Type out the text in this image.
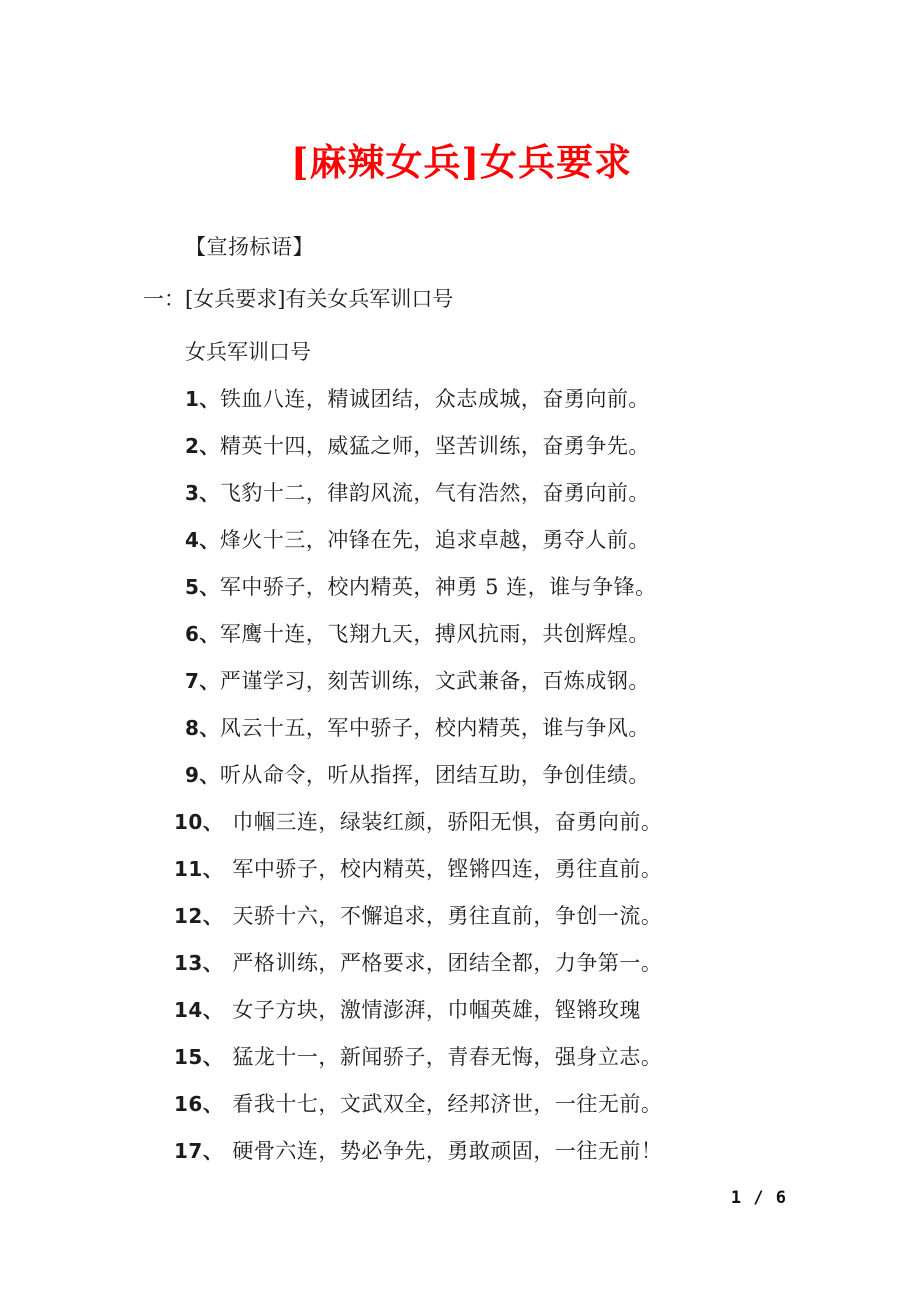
[麻辣女兵]女兵要求

【宣扬标语】

一：[女兵要求]有关女兵军训口号

女兵军训口号

1、铁血八连，精诚团结，众志成城，奋勇向前。

2、精英十四，威猛之师，坚苦训练，奋勇争先。

3、飞豹十二，律韵风流，气有浩然，奋勇向前。

4、烽火十三，冲锋在先，追求卓越，勇夺人前。

5、军中骄子，校内精英，神勇 5 连，谁与争锋。

6、军鹰十连，飞翔九天，搏风抗雨，共创辉煌。

7、严谨学习，刻苦训练，文武兼备，百炼成钢。

8、风云十五，军中骄子，校内精英，谁与争风。

9、听从命令，听从指挥，团结互助，争创佳绩。

10、 巾帼三连，绿装红颜，骄阳无惧，奋勇向前。

11、 军中骄子，校内精英，铿锵四连，勇往直前。

12、 天骄十六，不懈追求，勇往直前，争创一流。

13、 严格训练，严格要求，团结全都，力争第一。

14、 女子方块，激情澎湃，巾帼英雄，铿锵玫瑰

15、 猛龙十一，新闻骄子，青春无悔，强身立志。

16、 看我十七，文武双全，经邦济世，一往无前。

17、 硬骨六连，势必争先，勇敢顽固，一往无前！

1 / 6
